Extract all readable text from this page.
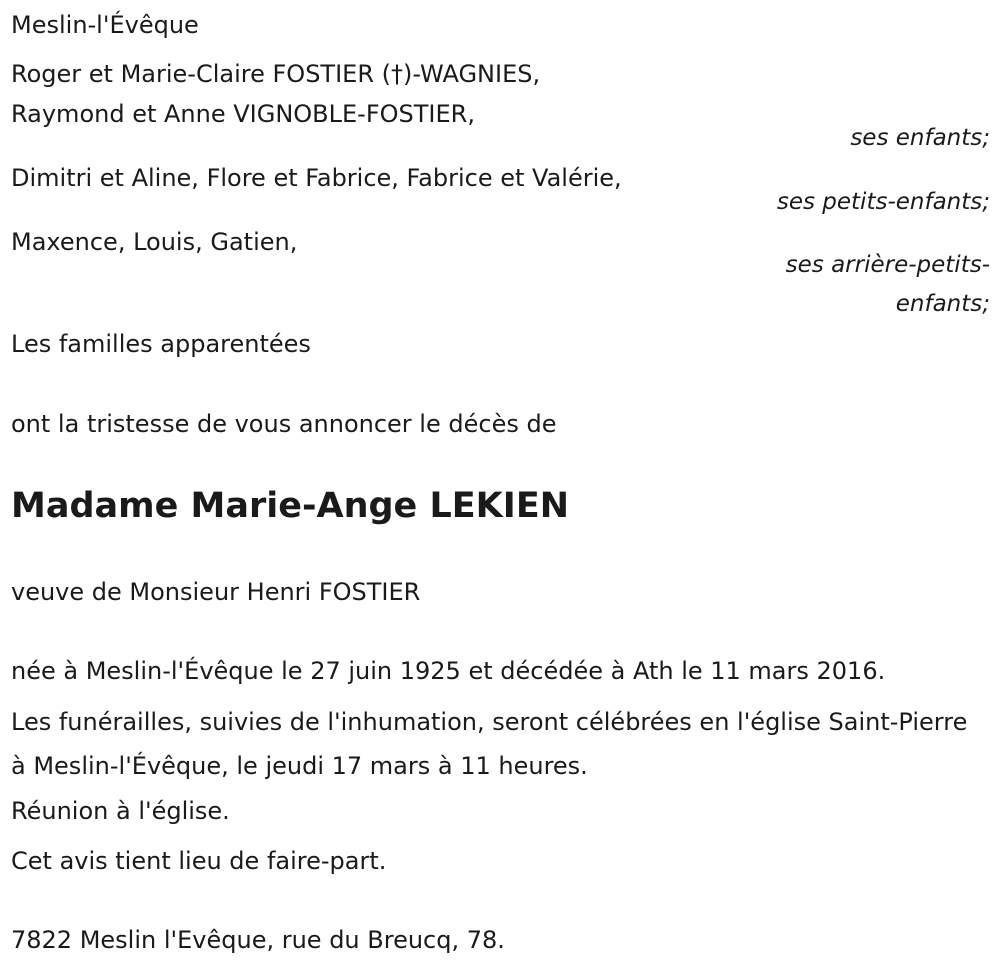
Meslin-l'Évêque
Roger et Marie-Claire FOSTIER (†)-WAGNIES,
Raymond et Anne VIGNOBLE-FOSTIER,
ses enfants;
Dimitri et Aline, Flore et Fabrice, Fabrice et Valérie,
ses petits-enfants;
Maxence, Louis, Gatien,
ses arrière-petits-
enfants;
Les familles apparentées
ont la tristesse de vous annoncer le décès de
Madame Marie-Ange LEKIEN
veuve de Monsieur Henri FOSTIER
née à Meslin-l'Évêque le 27 juin 1925 et décédée à Ath le 11 mars 2016.
Les funérailles, suivies de l'inhumation, seront célébrées en l'église Saint-Pierre à Meslin-l'Évêque, le jeudi 17 mars à 11 heures.
Réunion à l'église.
Cet avis tient lieu de faire-part.
7822 Meslin l'Evêque, rue du Breucq, 78.
